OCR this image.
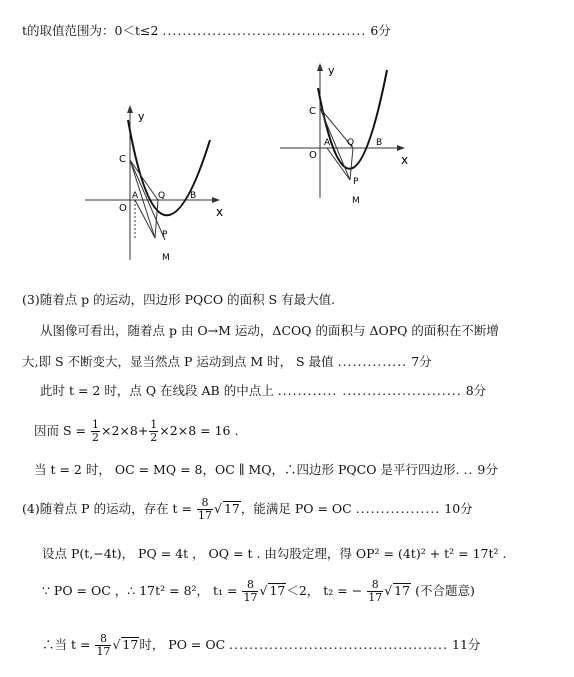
t的取值范围为：0＜t≤2 ......................................... 6分
y
x
C
O
A Q	B
P
M
y
x
C
O
A Q B
P
M
(3)随着点 p 的运动，四边形 PQCO 的面积 S 有最大值.
从图像可看出，随着点 p 由 O→M 运动，ΔCOQ 的面积与 ΔOPQ 的面积在不断增
大,即 S 不断变大，显当然点 P 运动到点 M 时， S 最值 .............. 7分
此时 t = 2 时，点 Q 在线段 AB 的中点上 ............ ........................ 8分
因而 $S = \frac{1}{2} \times 2\times 8+ \frac{1}{2} \times 2\times 8 = 16$ .
当 t = 2 时， OC = MQ = 8，OC ∥ MQ，∴四边形 PQCO 是平行四边形. .. 9分
(4)随着点 P 的运动，存在 $t = \frac{8}{17}$ √ 17，能满足 PO = OC ................. 10分
设点 P(t,−4t)， PQ = 4t ， OQ = t . 由勾股定理，得 OP² = (4t)² + t² = 17t² .
∵ PO = OC ，∴ 17t² = 8²， $t_1 = \frac{8}{17}$ √ 17＜2， t₂ = − $\frac{8}{17}$ √ 17 (不合题意)
∴当 $t = \frac{8}{17}$ √ 17时， PO = OC ............................................ 11分
